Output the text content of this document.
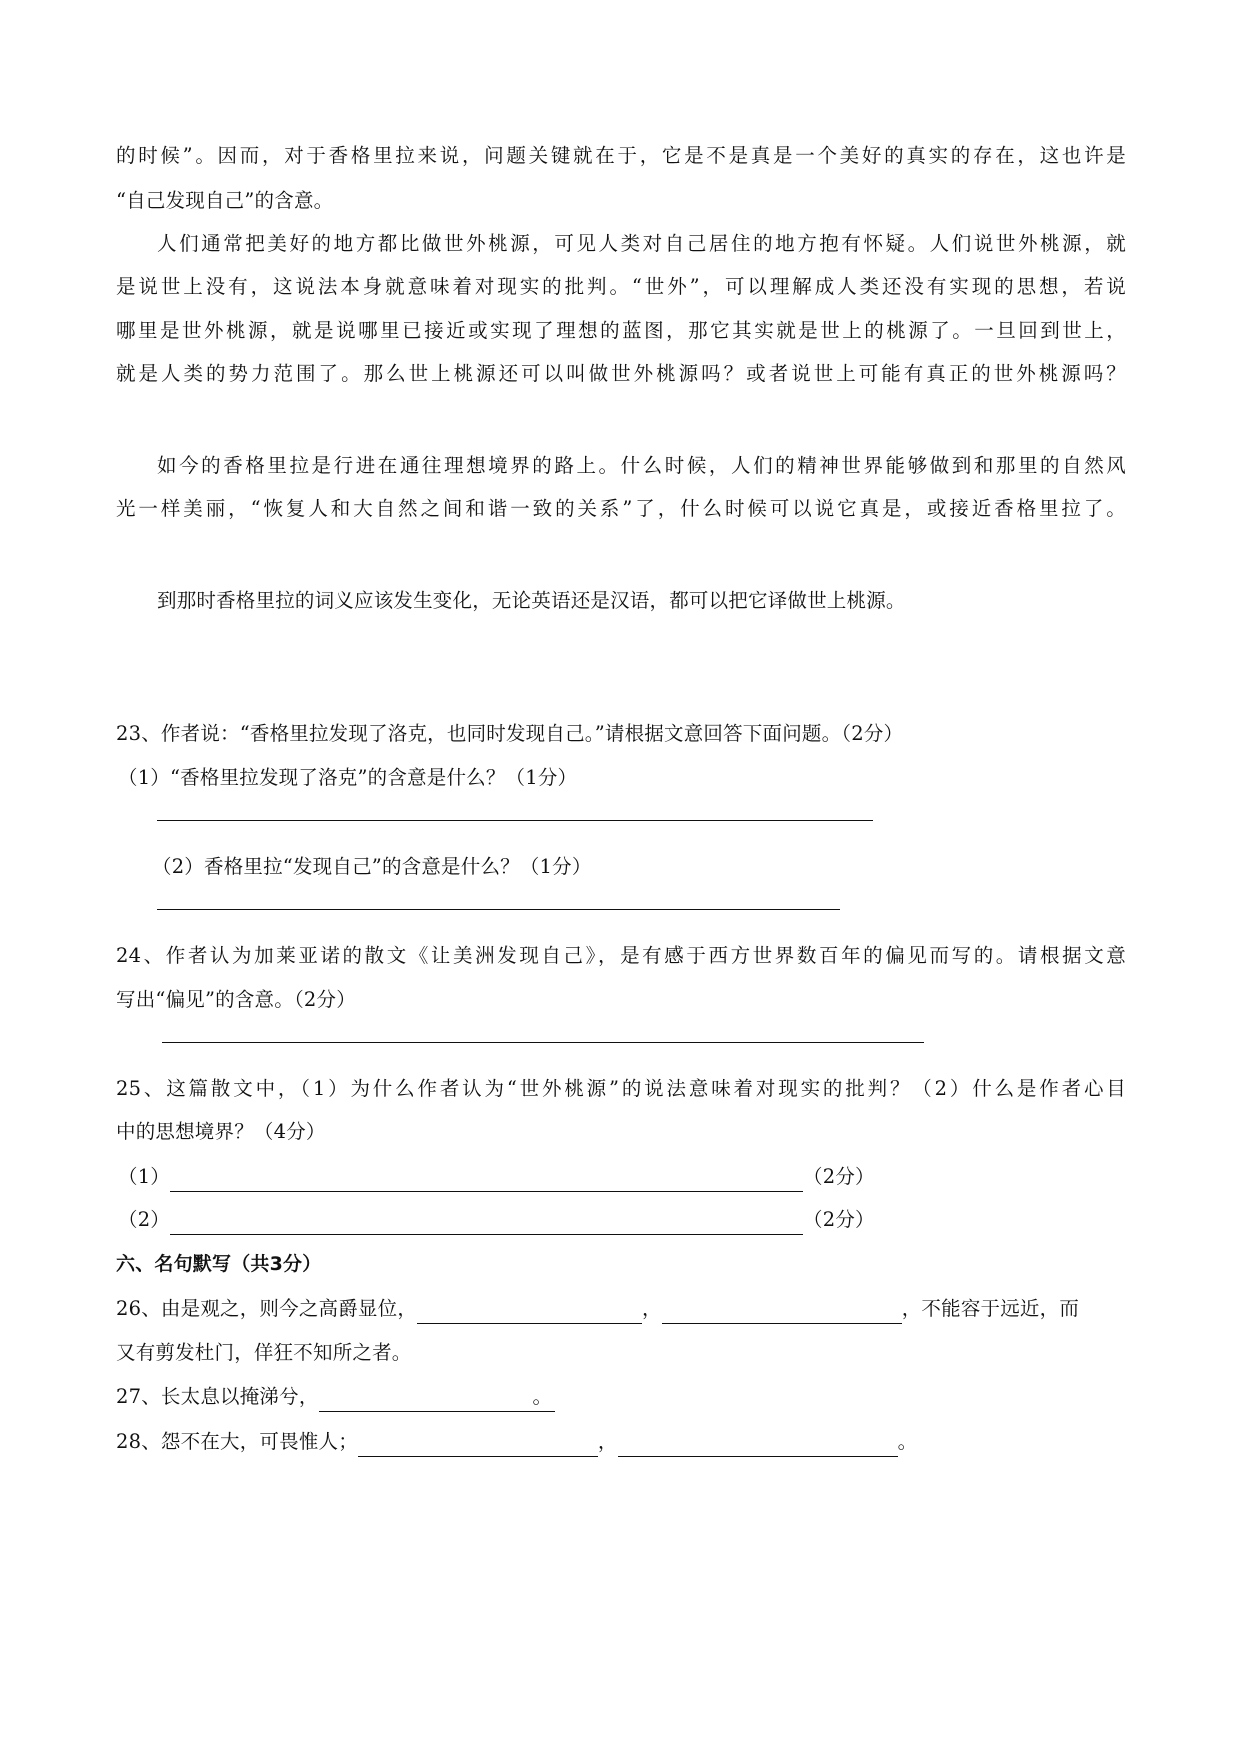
的时候”。因而，对于香格里拉来说，问题关键就在于，它是不是真是一个美好的真实的存在，这也许是
“自己发现自己”的含意。
人们通常把美好的地方都比做世外桃源，可见人类对自己居住的地方抱有怀疑。人们说世外桃源，就
是说世上没有，这说法本身就意味着对现实的批判。“世外”，可以理解成人类还没有实现的思想，若说
哪里是世外桃源，就是说哪里已接近或实现了理想的蓝图，那它其实就是世上的桃源了。一旦回到世上，
就是人类的势力范围了。那么世上桃源还可以叫做世外桃源吗？或者说世上可能有真正的世外桃源吗？
如今的香格里拉是行进在通往理想境界的路上。什么时候，人们的精神世界能够做到和那里的自然风
光一样美丽，“恢复人和大自然之间和谐一致的关系”了，什么时候可以说它真是，或接近香格里拉了。
到那时香格里拉的词义应该发生变化，无论英语还是汉语，都可以把它译做世上桃源。
23、作者说：“香格里拉发现了洛克，也同时发现自己。”请根据文意回答下面问题。（2分）
（1）“香格里拉发现了洛克”的含意是什么？（1分）
（2）香格里拉“发现自己”的含意是什么？（1分）
24、作者认为加莱亚诺的散文《让美洲发现自己》，是有感于西方世界数百年的偏见而写的。请根据文意
写出“偏见”的含意。（2分）
25、这篇散文中，（1）为什么作者认为“世外桃源”的说法意味着对现实的批判？（2）什么是作者心目
中的思想境界？（4分）
（1）	（2分）
（2）	（2分）
六、名句默写（共3分）
26、由是观之，则今之高爵显位，	，	，不能容于远近，而
又有剪发杜门，佯狂不知所之者。
27、长太息以掩涕兮，	。
28、怨不在大，可畏惟人；	，	。
